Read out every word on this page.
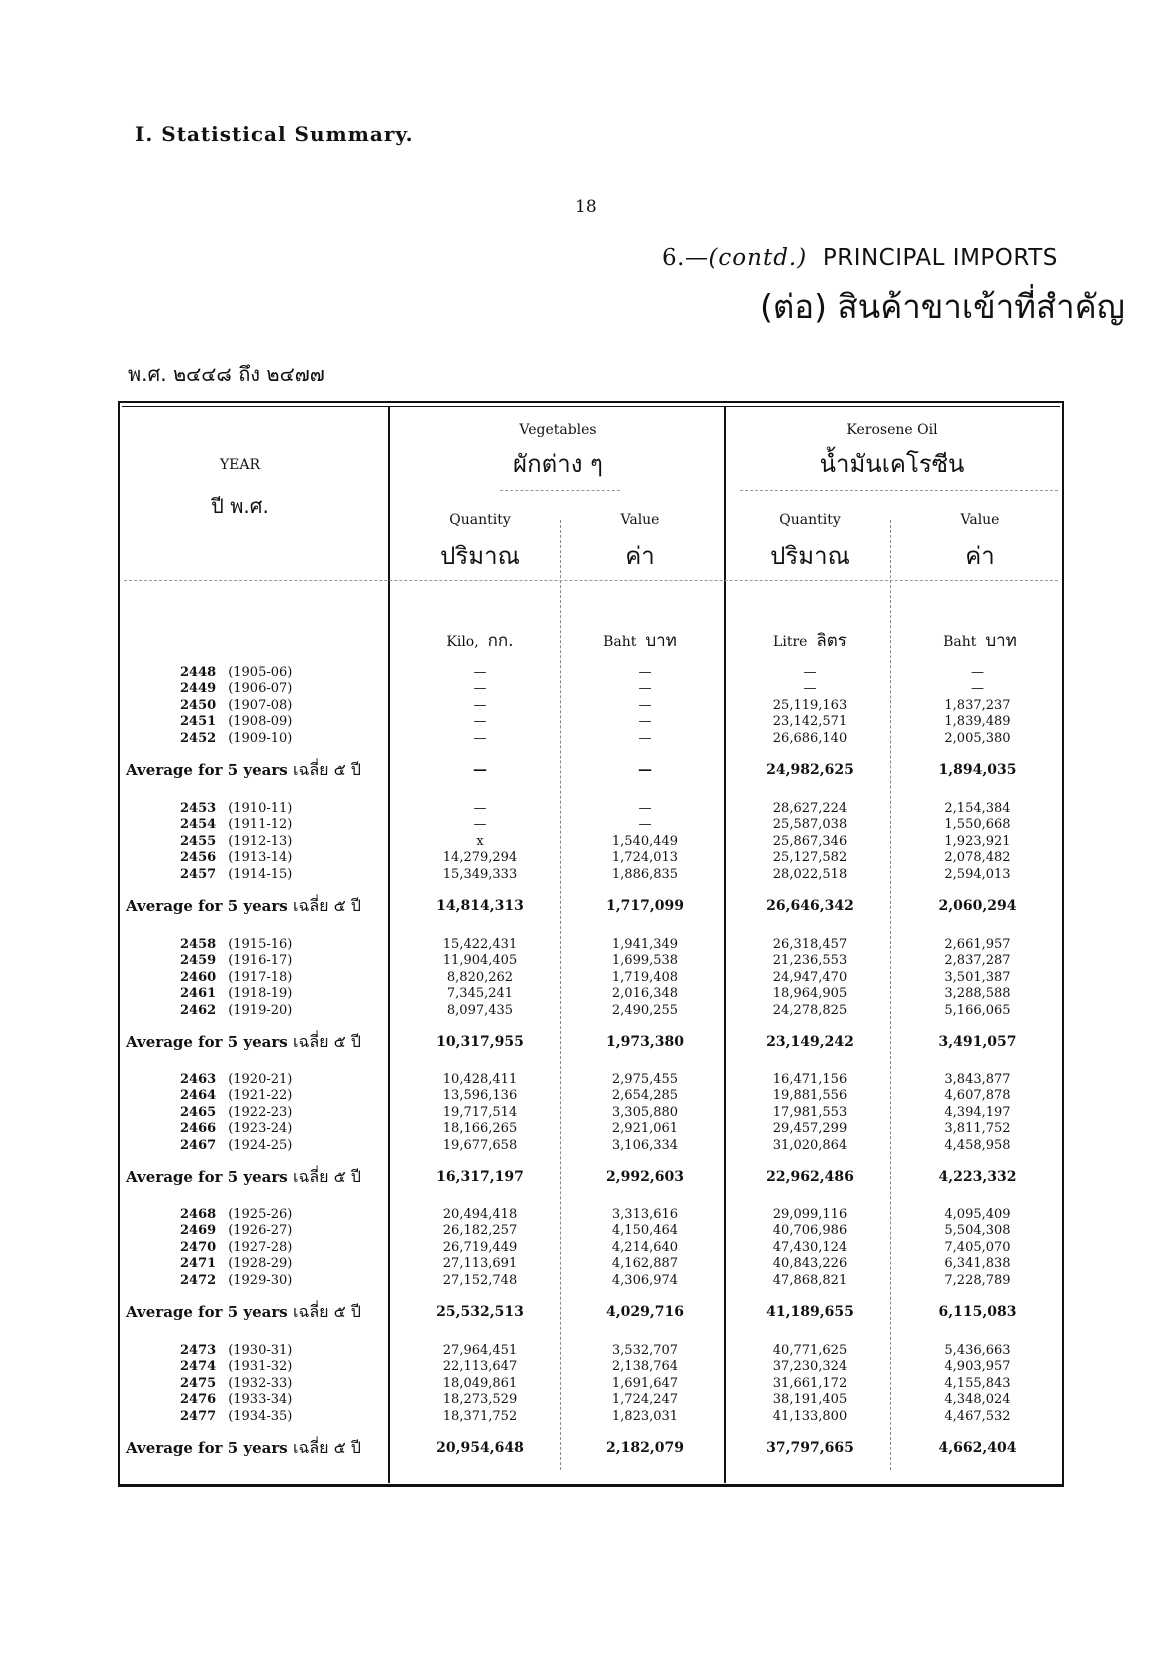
I. Statistical Summary.
18
6.—(contd.) PRINCIPAL IMPORTS
(ต่อ) สินค้าขาเข้าที่สำคัญ
พ.ศ. ๒๔๔๘ ถึง ๒๔๗๗
YEAR
ปี พ.ศ.
Vegetables
ผักต่าง ๆ
Kerosene Oil
น้ำมันเคโรซีน
Quantity
ปริมาณ
Value
ค่า
Quantity
ปริมาณ
Value
ค่า
Kilo, กก.	Baht บาท	Litre ลิตร	Baht บาท
2448 (1905-06)	—	—	—	—
2449 (1906-07)	—	—	—	—
2450 (1907-08)	—	—	25,119,163	1,837,237
2451 (1908-09)	—	—	23,142,571	1,839,489
2452 (1909-10)	—	—	26,686,140	2,005,380
Average for 5 years เฉลี่ย ๕ ปี	—	—	24,982,625	1,894,035
2453 (1910-11)	—	—	28,627,224	2,154,384
2454 (1911-12)	—	—	25,587,038	1,550,668
2455 (1912-13)	x	1,540,449	25,867,346	1,923,921
2456 (1913-14)	14,279,294	1,724,013	25,127,582	2,078,482
2457 (1914-15)	15,349,333	1,886,835	28,022,518	2,594,013
Average for 5 years เฉลี่ย ๕ ปี	14,814,313	1,717,099	26,646,342	2,060,294
2458 (1915-16)	15,422,431	1,941,349	26,318,457	2,661,957
2459 (1916-17)	11,904,405	1,699,538	21,236,553	2,837,287
2460 (1917-18)	8,820,262	1,719,408	24,947,470	3,501,387
2461 (1918-19)	7,345,241	2,016,348	18,964,905	3,288,588
2462 (1919-20)	8,097,435	2,490,255	24,278,825	5,166,065
Average for 5 years เฉลี่ย ๕ ปี	10,317,955	1,973,380	23,149,242	3,491,057
2463 (1920-21)	10,428,411	2,975,455	16,471,156	3,843,877
2464 (1921-22)	13,596,136	2,654,285	19,881,556	4,607,878
2465 (1922-23)	19,717,514	3,305,880	17,981,553	4,394,197
2466 (1923-24)	18,166,265	2,921,061	29,457,299	3,811,752
2467 (1924-25)	19,677,658	3,106,334	31,020,864	4,458,958
Average for 5 years เฉลี่ย ๕ ปี	16,317,197	2,992,603	22,962,486	4,223,332
2468 (1925-26)	20,494,418	3,313,616	29,099,116	4,095,409
2469 (1926-27)	26,182,257	4,150,464	40,706,986	5,504,308
2470 (1927-28)	26,719,449	4,214,640	47,430,124	7,405,070
2471 (1928-29)	27,113,691	4,162,887	40,843,226	6,341,838
2472 (1929-30)	27,152,748	4,306,974	47,868,821	7,228,789
Average for 5 years เฉลี่ย ๕ ปี	25,532,513	4,029,716	41,189,655	6,115,083
2473 (1930-31)	27,964,451	3,532,707	40,771,625	5,436,663
2474 (1931-32)	22,113,647	2,138,764	37,230,324	4,903,957
2475 (1932-33)	18,049,861	1,691,647	31,661,172	4,155,843
2476 (1933-34)	18,273,529	1,724,247	38,191,405	4,348,024
2477 (1934-35)	18,371,752	1,823,031	41,133,800	4,467,532
Average for 5 years เฉลี่ย ๕ ปี	20,954,648	2,182,079	37,797,665	4,662,404
